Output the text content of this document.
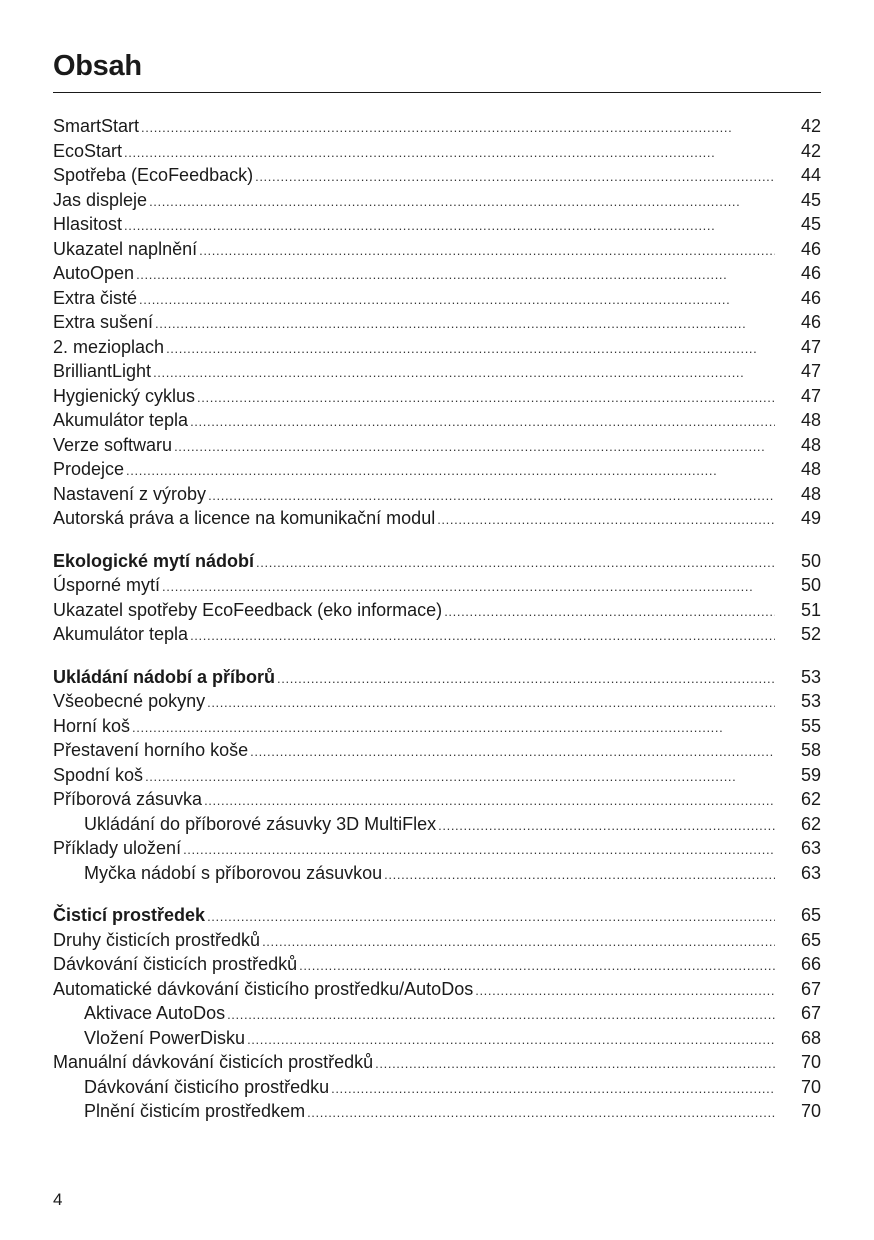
Obsah
SmartStart . . .	42
EcoStart . . .	42
Spotřeba (EcoFeedback) . . .	44
Jas displeje . . .	45
Hlasitost . . .	45
Ukazatel naplnění . . .	46
AutoOpen . . .	46
Extra čisté . . .	46
Extra sušení . . .	46
2. mezioplach . . .	47
BrilliantLight . . .	47
Hygienický cyklus . . .	47
Akumulátor tepla . . .	48
Verze softwaru . . .	48
Prodejce . . .	48
Nastavení z výroby . . .	48
Autorská práva a licence na komunikační modul . . .	49
Ekologické mytí nádobí . . .	50
Úsporné mytí . . .	50
Ukazatel spotřeby EcoFeedback (eko informace) . . .	51
Akumulátor tepla . . .	52
Ukládání nádobí a příborů . . .	53
Všeobecné pokyny . . .	53
Horní koš . . .	55
Přestavení horního koše . . .	58
Spodní koš . . .	59
Příborová zásuvka . . .	62
Ukládání do příborové zásuvky 3D MultiFlex . . .	62
Příklady uložení . . .	63
Myčka nádobí s příborovou zásuvkou . . .	63
Čisticí prostředek . . .	65
Druhy čisticích prostředků . . .	65
Dávkování čisticích prostředků . . .	66
Automatické dávkování čisticího prostředku/AutoDos . . .	67
Aktivace AutoDos . . .	67
Vložení PowerDisku . . .	68
Manuální dávkování čisticích prostředků . . .	70
Dávkování čisticího prostředku . . .	70
Plnění čisticím prostředkem . . .	70
4
